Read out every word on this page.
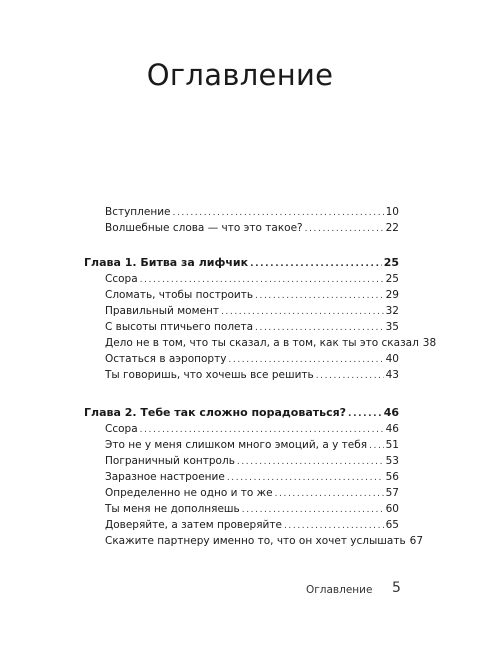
Оглавление
Вступление .....	10
Волшебные слова — что это такое? .....	22
Глава 1. Битва за лифчик .....	25
Ссора .....	25
Сломать, чтобы построить .....	29
Правильный момент .....	32
С высоты птичьего полета .....	35
Дело не в том, что ты сказал, а в том, как ты это сказал 38
Остаться в аэропорту .....	40
Ты говоришь, что хочешь все решить .....	43
Глава 2. Тебе так сложно порадоваться? .....	46
Ссора .....	46
Это не у меня слишком много эмоций, а у тебя ..... 51
Пограничный контроль .....	53
Заразное настроение .....	56
Определенно не одно и то же .....	57
Ты меня не дополняешь .....	60
Доверяйте, а затем проверяйте .....	65
Скажите партнеру именно то, что он хочет услышать 67
Оглавление 5
